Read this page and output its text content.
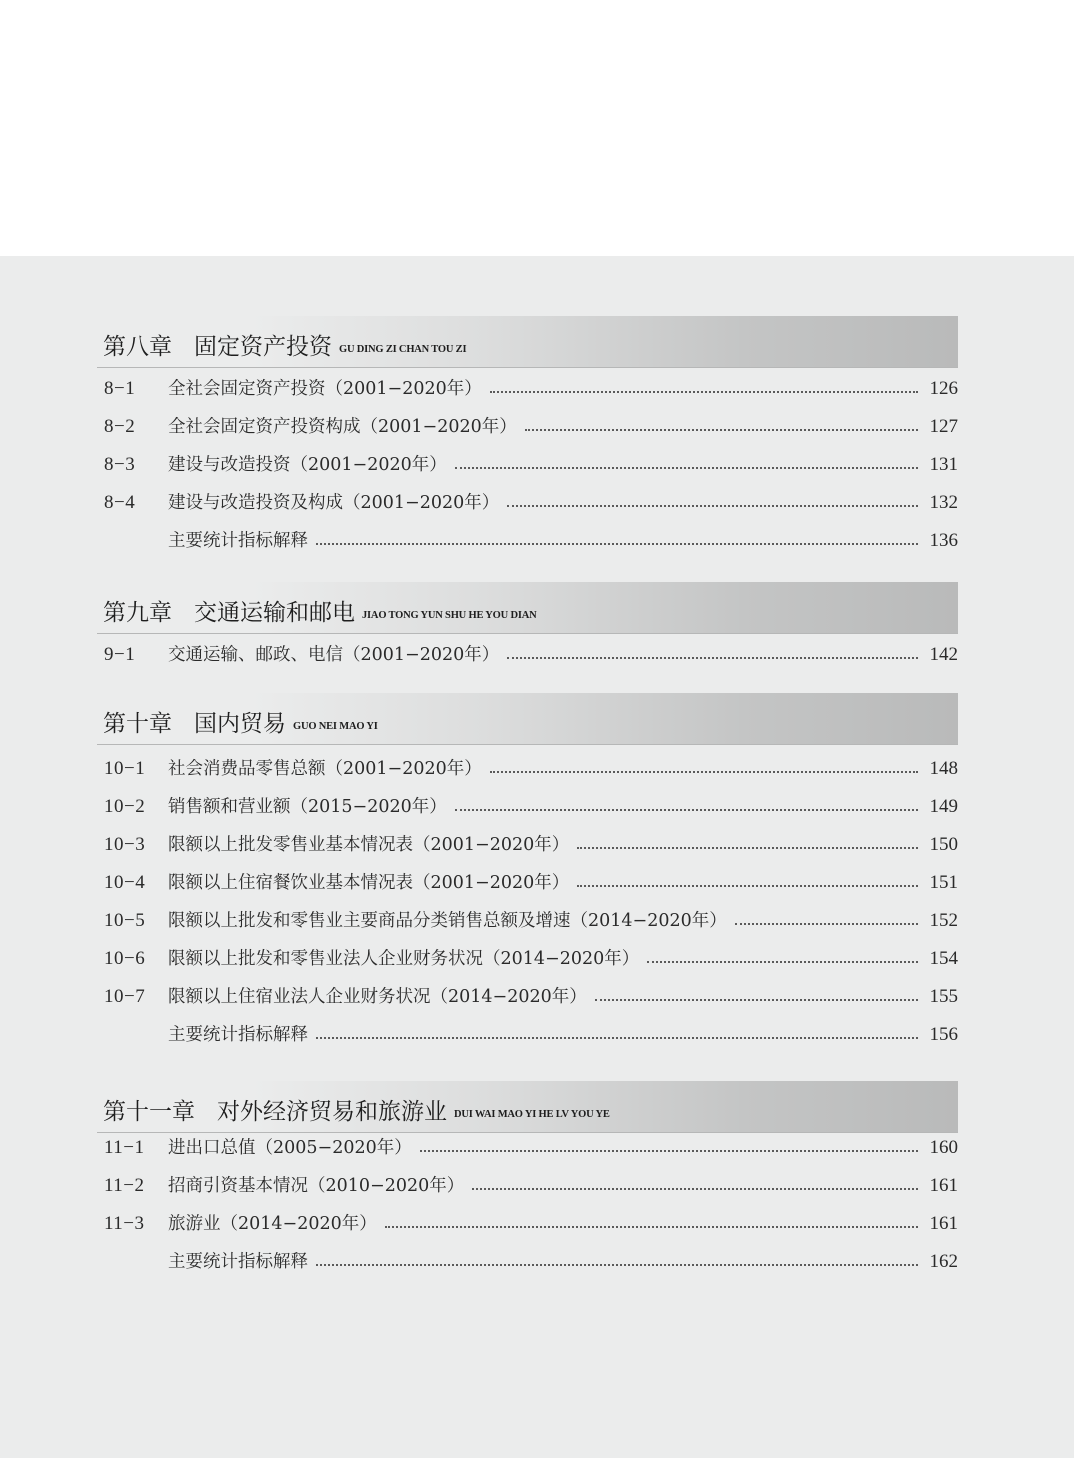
第八章 固定资产投资 GU DING ZI CHAN TOU ZI
8−1 全社会固定资产投资（2001−2020年）	126
8−2 全社会固定资产投资构成（2001−2020年）	127
8−3 建设与改造投资（2001−2020年）	131
8−4 建设与改造投资及构成（2001−2020年）	132
主要统计指标解释	136
第九章 交通运输和邮电 JIAO TONG YUN SHU HE YOU DIAN
9−1 交通运输、邮政、电信（2001−2020年）	142
第十章 国内贸易 GUO NEI MAO YI
10−1 社会消费品零售总额（2001−2020年）	148
10−2 销售额和营业额（2015−2020年）	149
10−3 限额以上批发零售业基本情况表（2001−2020年）	150
10−4 限额以上住宿餐饮业基本情况表（2001−2020年）	151
10−5 限额以上批发和零售业主要商品分类销售总额及增速（2014−2020年）	152
10−6 限额以上批发和零售业法人企业财务状况（2014−2020年）	154
10−7 限额以上住宿业法人企业财务状况（2014−2020年）	155
主要统计指标解释	156
第十一章 对外经济贸易和旅游业 DUI WAI MAO YI HE LV YOU YE
11−1 进出口总值（2005−2020年）	160
11−2 招商引资基本情况（2010−2020年）	161
11−3 旅游业（2014−2020年）	161
主要统计指标解释	162
